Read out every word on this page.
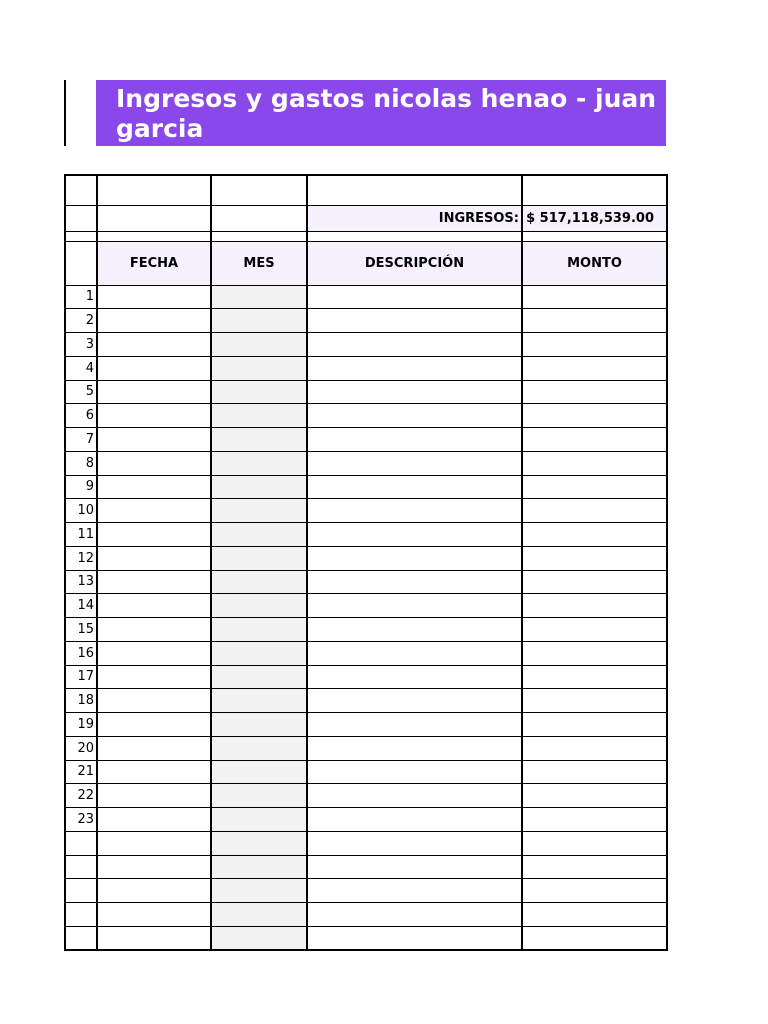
Ingresos y gastos nicolas henao - juan garcia

			INGRESOS:	$ 517,118,539.00

	FECHA	MES	DESCRIPCIÓN	MONTO
1				
2				
3				
4				
5				
6				
7				
8				
9				
10				
11				
12				
13				
14				
15				
16				
17				
18				
19				
20				
21				
22				
23				
